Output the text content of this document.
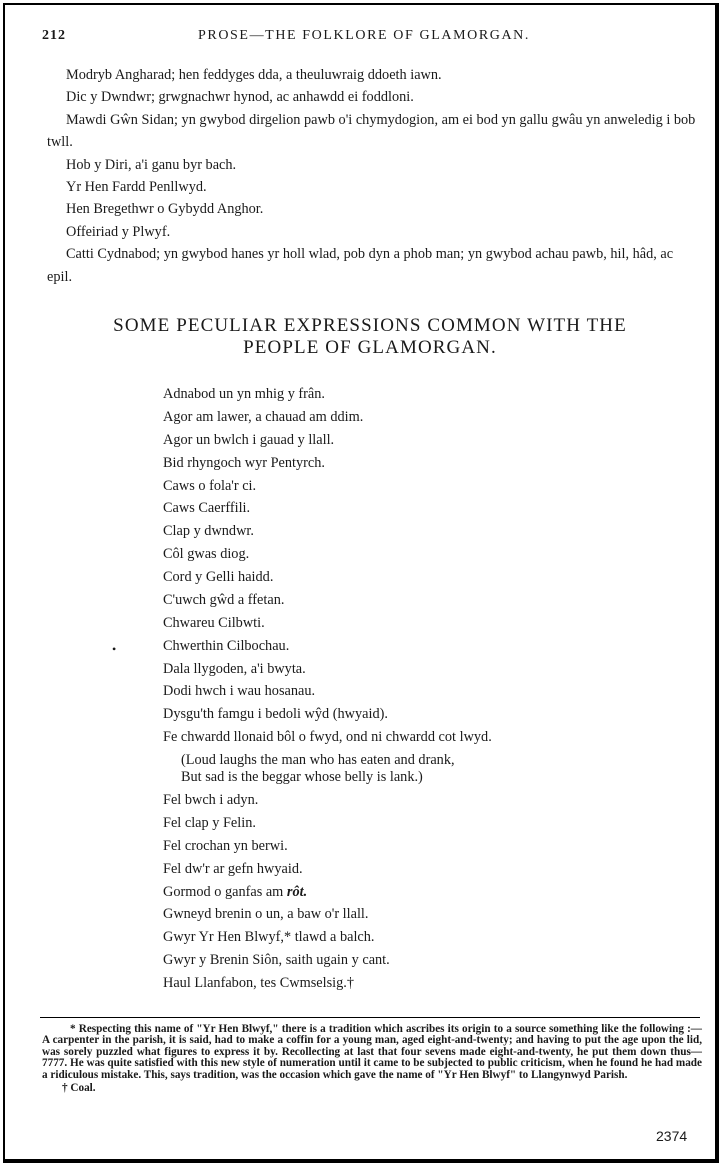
212	PROSE—THE FOLKLORE OF GLAMORGAN.

Modryb Angharad; hen feddyges dda, a theuluwraig ddoeth iawn.

Dic y Dwndwr; grwgnachwr hynod, ac anhawdd ei foddloni.

Mawdi Gŵn Sidan; yn gwybod dirgelion pawb o'i chymydogion, am ei bod yn gallu gwâu yn anweledig i bob twll.

Hob y Diri, a'i ganu byr bach.

Yr Hen Fardd Penllwyd.

Hen Bregethwr o Gybydd Anghor.

Offeiriad y Plwyf.

Catti Cydnabod; yn gwybod hanes yr holl wlad, pob dyn a phob man; yn gwybod achau pawb, hil, hâd, ac epil.

SOME PECULIAR EXPRESSIONS COMMON WITH THE
PEOPLE OF GLAMORGAN.
•
Adnabod un yn mhig y frân.
Agor am lawer, a chauad am ddim.
Agor un bwlch i gauad y llall.
Bid rhyngoch wyr Pentyrch.
Caws o fola'r ci.
Caws Caerffili.
Clap y dwndwr.
Côl gwas diog.
Cord y Gelli haidd.
C'uwch gŵd a ffetan.
Chwareu Cilbwti.
Chwerthin Cilbochau.
Dala llygoden, a'i bwyta.
Dodi hwch i wau hosanau.
Dysgu'th famgu i bedoli wŷd (hwyaid).
Fe chwardd llonaid bôl o fwyd, ond ni chwardd cot lwyd.
(Loud laughs the man who has eaten and drank,
But sad is the beggar whose belly is lank.)
Fel bwch i adyn.
Fel clap y Felin.
Fel crochan yn berwi.
Fel dw'r ar gefn hwyaid.
Gormod o ganfas am rôt.
Gwneyd brenin o un, a baw o'r llall.
Gwyr Yr Hen Blwyf,* tlawd a balch.
Gwyr y Brenin Siôn, saith ugain y cant.
Haul Llanfabon, tes Cwmselsig.†

* Respecting this name of "Yr Hen Blwyf," there is a tradition which ascribes its origin to a source something like the following :—A carpenter in the parish, it is said, had to make a coffin for a young man, aged eight-and-twenty; and having to put the age upon the lid, was sorely puzzled what figures to express it by. Recollecting at last that four sevens made eight-and-twenty, he put them down thus—7777. He was quite satisfied with this new style of numeration until it came to be subjected to public criticism, when he found he had made a ridiculous mistake. This, says tradition, was the occasion which gave the name of "Yr Hen Blwyf" to Llangynwyd Parish.

† Coal.

2374
